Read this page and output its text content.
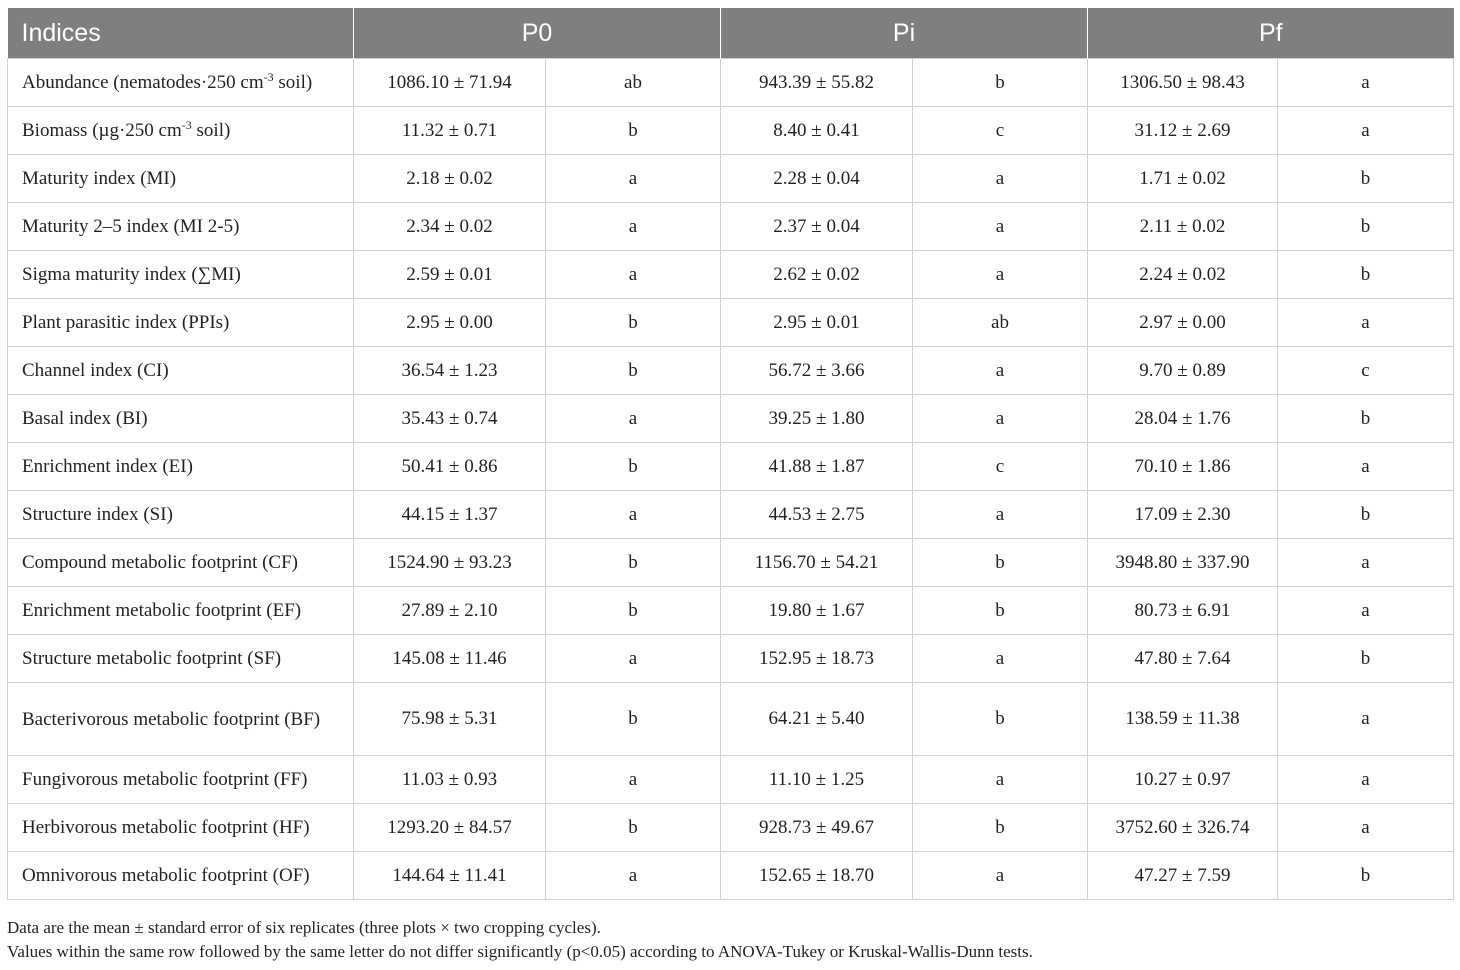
Indices	P0		Pi		Pf	
Abundance (nematodes·250 $cm^{-3}$ soil)	1086.10 ± 71.94	ab	943.39 ± 55.82	b	1306.50 ± 98.43	a
Biomass (µg·250 $cm^{-3}$ soil)	11.32 ± 0.71	b	8.40 ± 0.41	c	31.12 ± 2.69	a
Maturity index (MI)	2.18 ± 0.02	a	2.28 ± 0.04	a	1.71 ± 0.02	b
Maturity 2–5 index (MI 2-5)	2.34 ± 0.02	a	2.37 ± 0.04	a	2.11 ± 0.02	b
Sigma maturity index (∑MI)	2.59 ± 0.01	a	2.62 ± 0.02	a	2.24 ± 0.02	b
Plant parasitic index (PPIs)	2.95 ± 0.00	b	2.95 ± 0.01	ab	2.97 ± 0.00	a
Channel index (CI)	36.54 ± 1.23	b	56.72 ± 3.66	a	9.70 ± 0.89	c
Basal index (BI)	35.43 ± 0.74	a	39.25 ± 1.80	a	28.04 ± 1.76	b
Enrichment index (EI)	50.41 ± 0.86	b	41.88 ± 1.87	c	70.10 ± 1.86	a
Structure index (SI)	44.15 ± 1.37	a	44.53 ± 2.75	a	17.09 ± 2.30	b
Compound metabolic footprint (CF)	1524.90 ± 93.23	b	1156.70 ± 54.21	b	3948.80 ± 337.90	a
Enrichment metabolic footprint (EF)	27.89 ± 2.10	b	19.80 ± 1.67	b	80.73 ± 6.91	a
Structure metabolic footprint (SF)	145.08 ± 11.46	a	152.95 ± 18.73	a	47.80 ± 7.64	b
Bacterivorous metabolic footprint (BF)	75.98 ± 5.31	b	64.21 ± 5.40	b	138.59 ± 11.38	a
Fungivorous metabolic footprint (FF)	11.03 ± 0.93	a	11.10 ± 1.25	a	10.27 ± 0.97	a
Herbivorous metabolic footprint (HF)	1293.20 ± 84.57	b	928.73 ± 49.67	b	3752.60 ± 326.74	a
Omnivorous metabolic footprint (OF)	144.64 ± 11.41	a	152.65 ± 18.70	a	47.27 ± 7.59	b

Data are the mean ± standard error of six replicates (three plots × two cropping cycles).

Values within the same row followed by the same letter do not differ significantly (p<0.05) according to ANOVA-Tukey or Kruskal-Wallis-Dunn tests.
